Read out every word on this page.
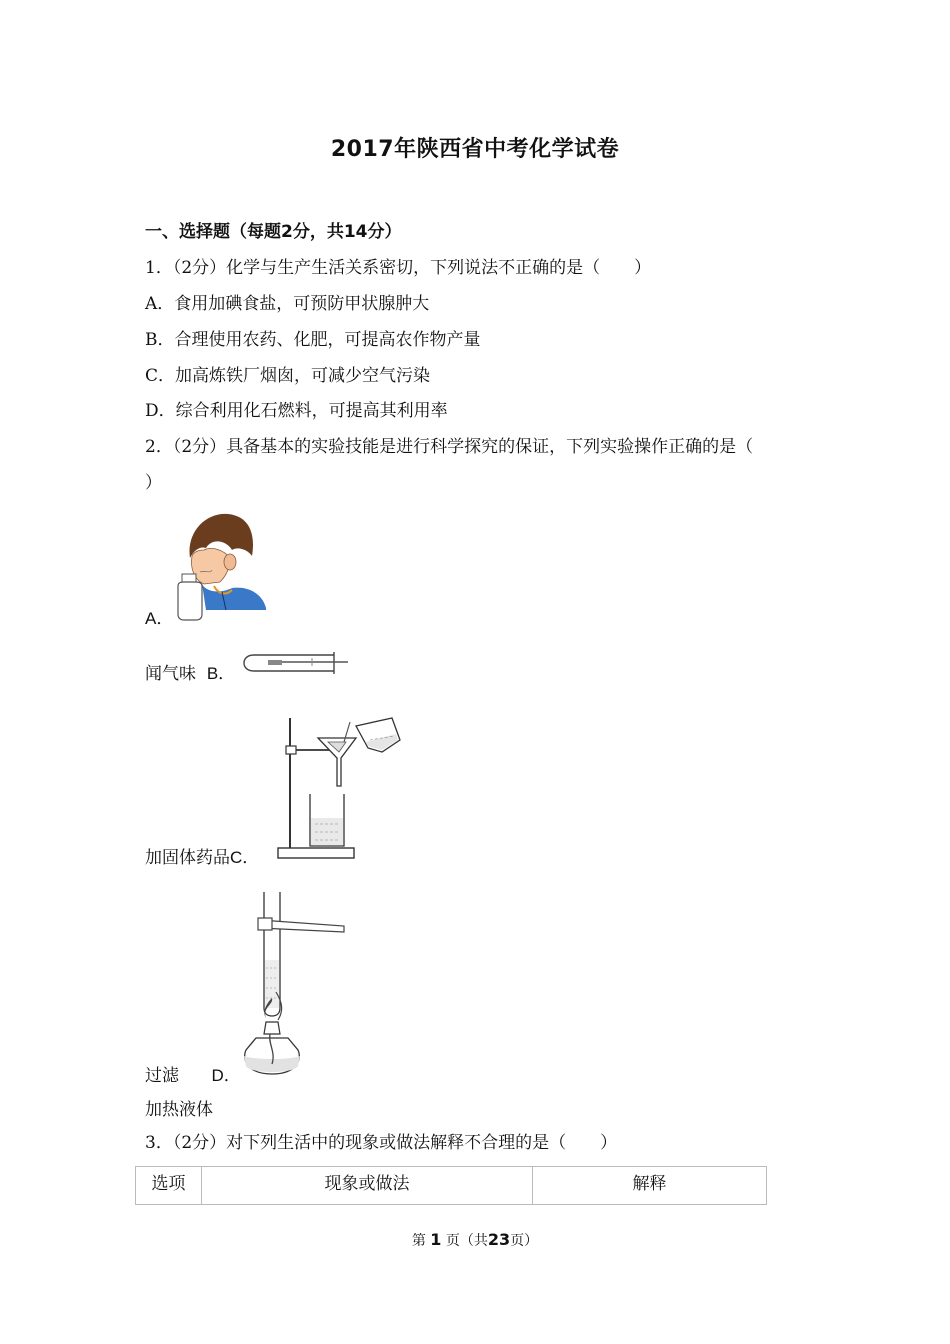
2017年陕西省中考化学试卷
一、选择题（每题2分，共14分）
1．（2分）化学与生产生活关系密切，下列说法不正确的是（　　）
A．食用加碘食盐，可预防甲状腺肿大
B．合理使用农药、化肥，可提高农作物产量
C．加高炼铁厂烟囱，可减少空气污染
D．综合利用化石燃料，可提高其利用率
2．（2分）具备基本的实验技能是进行科学探究的保证，下列实验操作正确的是（
）
A．
闻气味 B．
加固体药品C．
过滤 D．
加热液体
3．（2分）对下列生活中的现象或做法解释不合理的是（　　）
选项	现象或做法	解释
第 1 页（共23页）
